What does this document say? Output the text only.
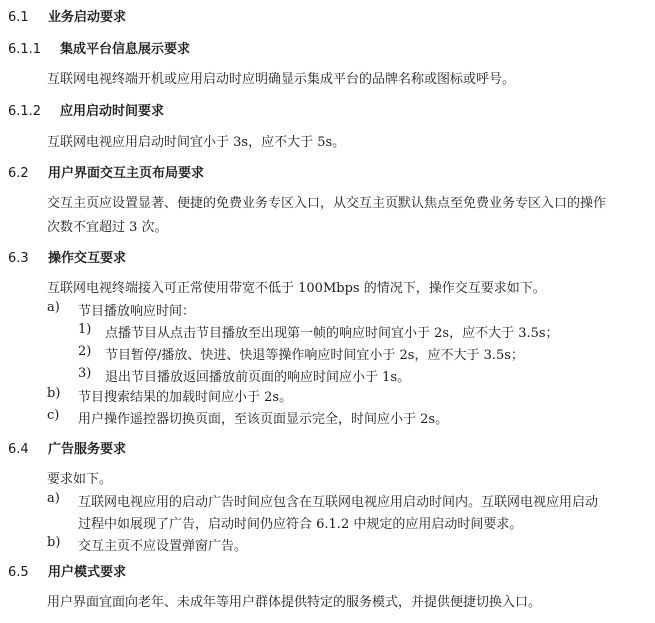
6.1 业务启动要求
6.1.1 集成平台信息展示要求
互联网电视终端开机或应用启动时应明确显示集成平台的品牌名称或图标或呼号。
6.1.2 应用启动时间要求
互联网电视应用启动时间宜小于 3s，应不大于 5s。
6.2 用户界面交互主页布局要求
交互主页应设置显著、便捷的免费业务专区入口，从交互主页默认焦点至免费业务专区入口的操作
次数不宜超过 3 次。
6.3 操作交互要求
互联网电视终端接入可正常使用带宽不低于 100Mbps 的情况下，操作交互要求如下。
a) 节目播放响应时间：
1) 点播节目从点击节目播放至出现第一帧的响应时间宜小于 2s，应不大于 3.5s；
2) 节目暂停/播放、快进、快退等操作响应时间宜小于 2s，应不大于 3.5s；
3) 退出节目播放返回播放前页面的响应时间应小于 1s。
b) 节目搜索结果的加载时间应小于 2s。
c) 用户操作遥控器切换页面，至该页面显示完全，时间应小于 2s。
6.4 广告服务要求
要求如下。
a) 互联网电视应用的启动广告时间应包含在互联网电视应用启动时间内。互联网电视应用启动
过程中如展现了广告，启动时间仍应符合 6.1.2 中规定的应用启动时间要求。
b) 交互主页不应设置弹窗广告。
6.5 用户模式要求
用户界面宜面向老年、未成年等用户群体提供特定的服务模式，并提供便捷切换入口。
